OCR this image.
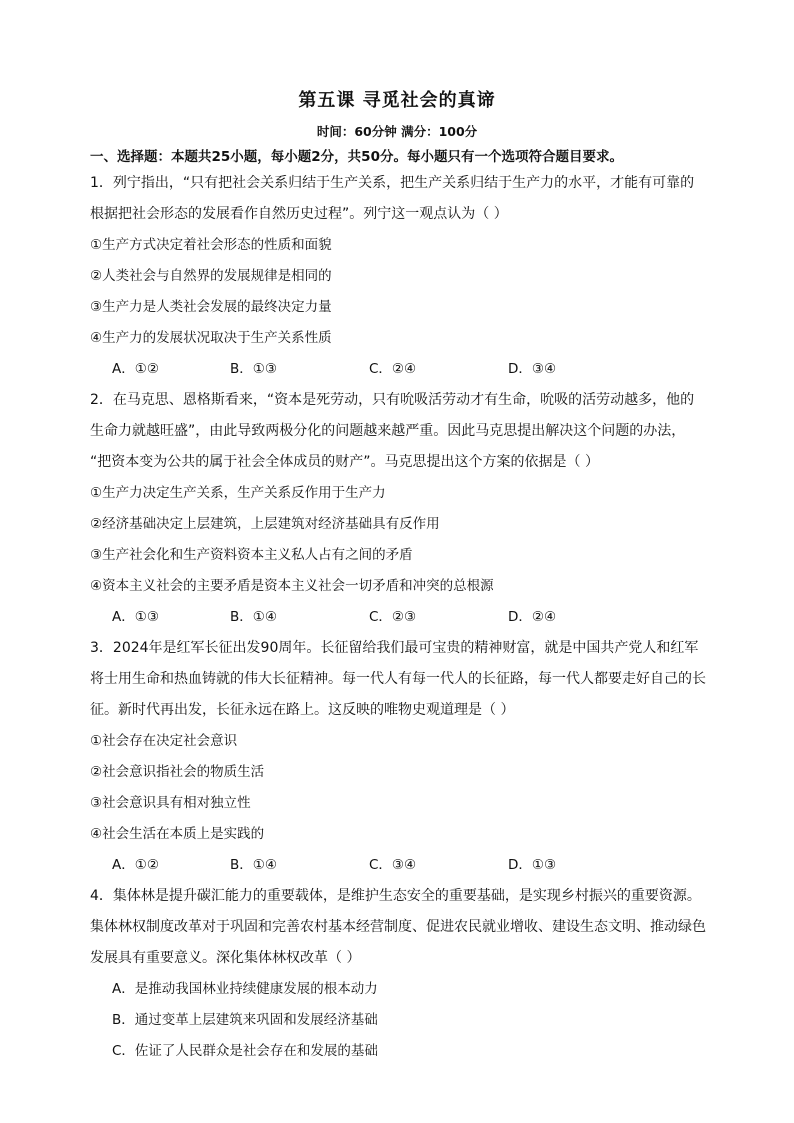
第五课 寻觅社会的真谛
时间：60分钟 满分：100分
一、选择题：本题共25小题，每小题2分，共50分。每小题只有一个选项符合题目要求。
1．列宁指出，“只有把社会关系归结于生产关系，把生产关系归结于生产力的水平，才能有可靠的
根据把社会形态的发展看作自然历史过程”。列宁这一观点认为（ ）
①生产方式决定着社会形态的性质和面貌
②人类社会与自然界的发展规律是相同的
③生产力是人类社会发展的最终决定力量
④生产力的发展状况取决于生产关系性质
A．①②	B．①③	C．②④	D．③④
2．在马克思、恩格斯看来，“资本是死劳动，只有吮吸活劳动才有生命，吮吸的活劳动越多，他的
生命力就越旺盛”，由此导致两极分化的问题越来越严重。因此马克思提出解决这个问题的办法，
“把资本变为公共的属于社会全体成员的财产”。马克思提出这个方案的依据是（ ）
①生产力决定生产关系，生产关系反作用于生产力
②经济基础决定上层建筑，上层建筑对经济基础具有反作用
③生产社会化和生产资料资本主义私人占有之间的矛盾
④资本主义社会的主要矛盾是资本主义社会一切矛盾和冲突的总根源
A．①③	B．①④	C．②③	D．②④
3．2024年是红军长征出发90周年。长征留给我们最可宝贵的精神财富，就是中国共产党人和红军
将士用生命和热血铸就的伟大长征精神。每一代人有每一代人的长征路，每一代人都要走好自己的长
征。新时代再出发，长征永远在路上。这反映的唯物史观道理是（ ）
①社会存在决定社会意识
②社会意识指社会的物质生活
③社会意识具有相对独立性
④社会生活在本质上是实践的
A．①②	B．①④	C．③④	D．①③
4．集体林是提升碳汇能力的重要载体，是维护生态安全的重要基础，是实现乡村振兴的重要资源。
集体林权制度改革对于巩固和完善农村基本经营制度、促进农民就业增收、建设生态文明、推动绿色
发展具有重要意义。深化集体林权改革（ ）
A．是推动我国林业持续健康发展的根本动力
B．通过变革上层建筑来巩固和发展经济基础
C．佐证了人民群众是社会存在和发展的基础
